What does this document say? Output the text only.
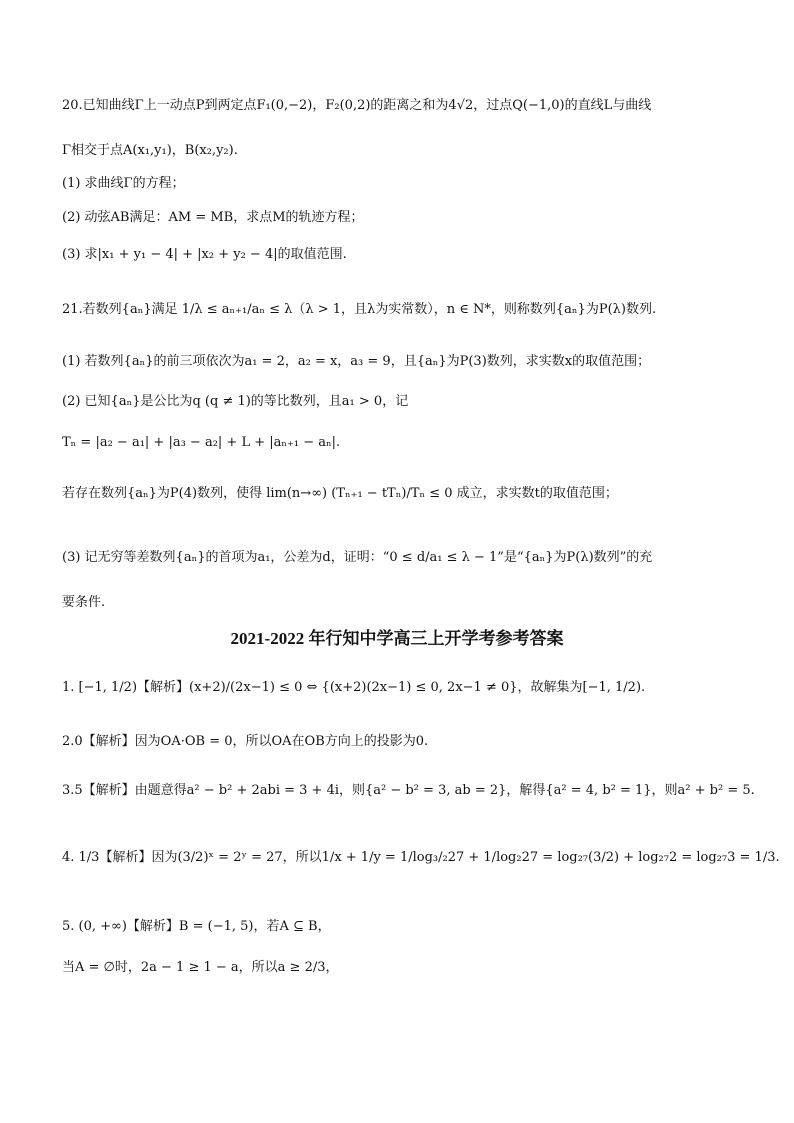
20.已知曲线Γ上一动点P到两定点F₁(0,−2)，F₂(0,2)的距离之和为4√2，过点Q(−1,0)的直线L与曲线
Γ相交于点A(x₁,y₁)，B(x₂,y₂).
(1) 求曲线Γ的方程；
(2) 动弦AB满足：AM = MB，求点M的轨迹方程；
(3) 求|x₁ + y₁ − 4| + |x₂ + y₂ − 4|的取值范围.
21.若数列{aₙ}满足 1/λ ≤ aₙ₊₁/aₙ ≤ λ（λ > 1，且λ为实常数），n ∈ N*，则称数列{aₙ}为P(λ)数列.
(1) 若数列{aₙ}的前三项依次为a₁ = 2，a₂ = x，a₃ = 9，且{aₙ}为P(3)数列，求实数x的取值范围；
(2) 已知{aₙ}是公比为q (q ≠ 1)的等比数列，且a₁ > 0，记
Tₙ = |a₂ − a₁| + |a₃ − a₂| + L + |aₙ₊₁ − aₙ|.
若存在数列{aₙ}为P(4)数列，使得 lim(n→∞) (Tₙ₊₁ − tTₙ)/Tₙ ≤ 0 成立，求实数t的取值范围；
(3) 记无穷等差数列{aₙ}的首项为a₁，公差为d，证明：“0 ≤ d/a₁ ≤ λ − 1”是“{aₙ}为P(λ)数列”的充
要条件.
2021-2022 年行知中学高三上开学考参考答案
1. [−1, 1/2)【解析】(x+2)/(2x−1) ≤ 0 ⇔ {(x+2)(2x−1) ≤ 0, 2x−1 ≠ 0}，故解集为[−1, 1/2).
2.0【解析】因为OA·OB = 0，所以OA在OB方向上的投影为0.
3.5【解析】由题意得a² − b² + 2abi = 3 + 4i，则{a² − b² = 3, ab = 2}，解得{a² = 4, b² = 1}，则a² + b² = 5.
4. 1/3【解析】因为(3/2)ˣ = 2ʸ = 27，所以1/x + 1/y = 1/log₃/₂27 + 1/log₂27 = log₂₇(3/2) + log₂₇2 = log₂₇3 = 1/3.
5. (0, +∞)【解析】B = (−1, 5)，若A ⊆ B，
当A = ∅时，2a − 1 ≥ 1 − a，所以a ≥ 2/3，
